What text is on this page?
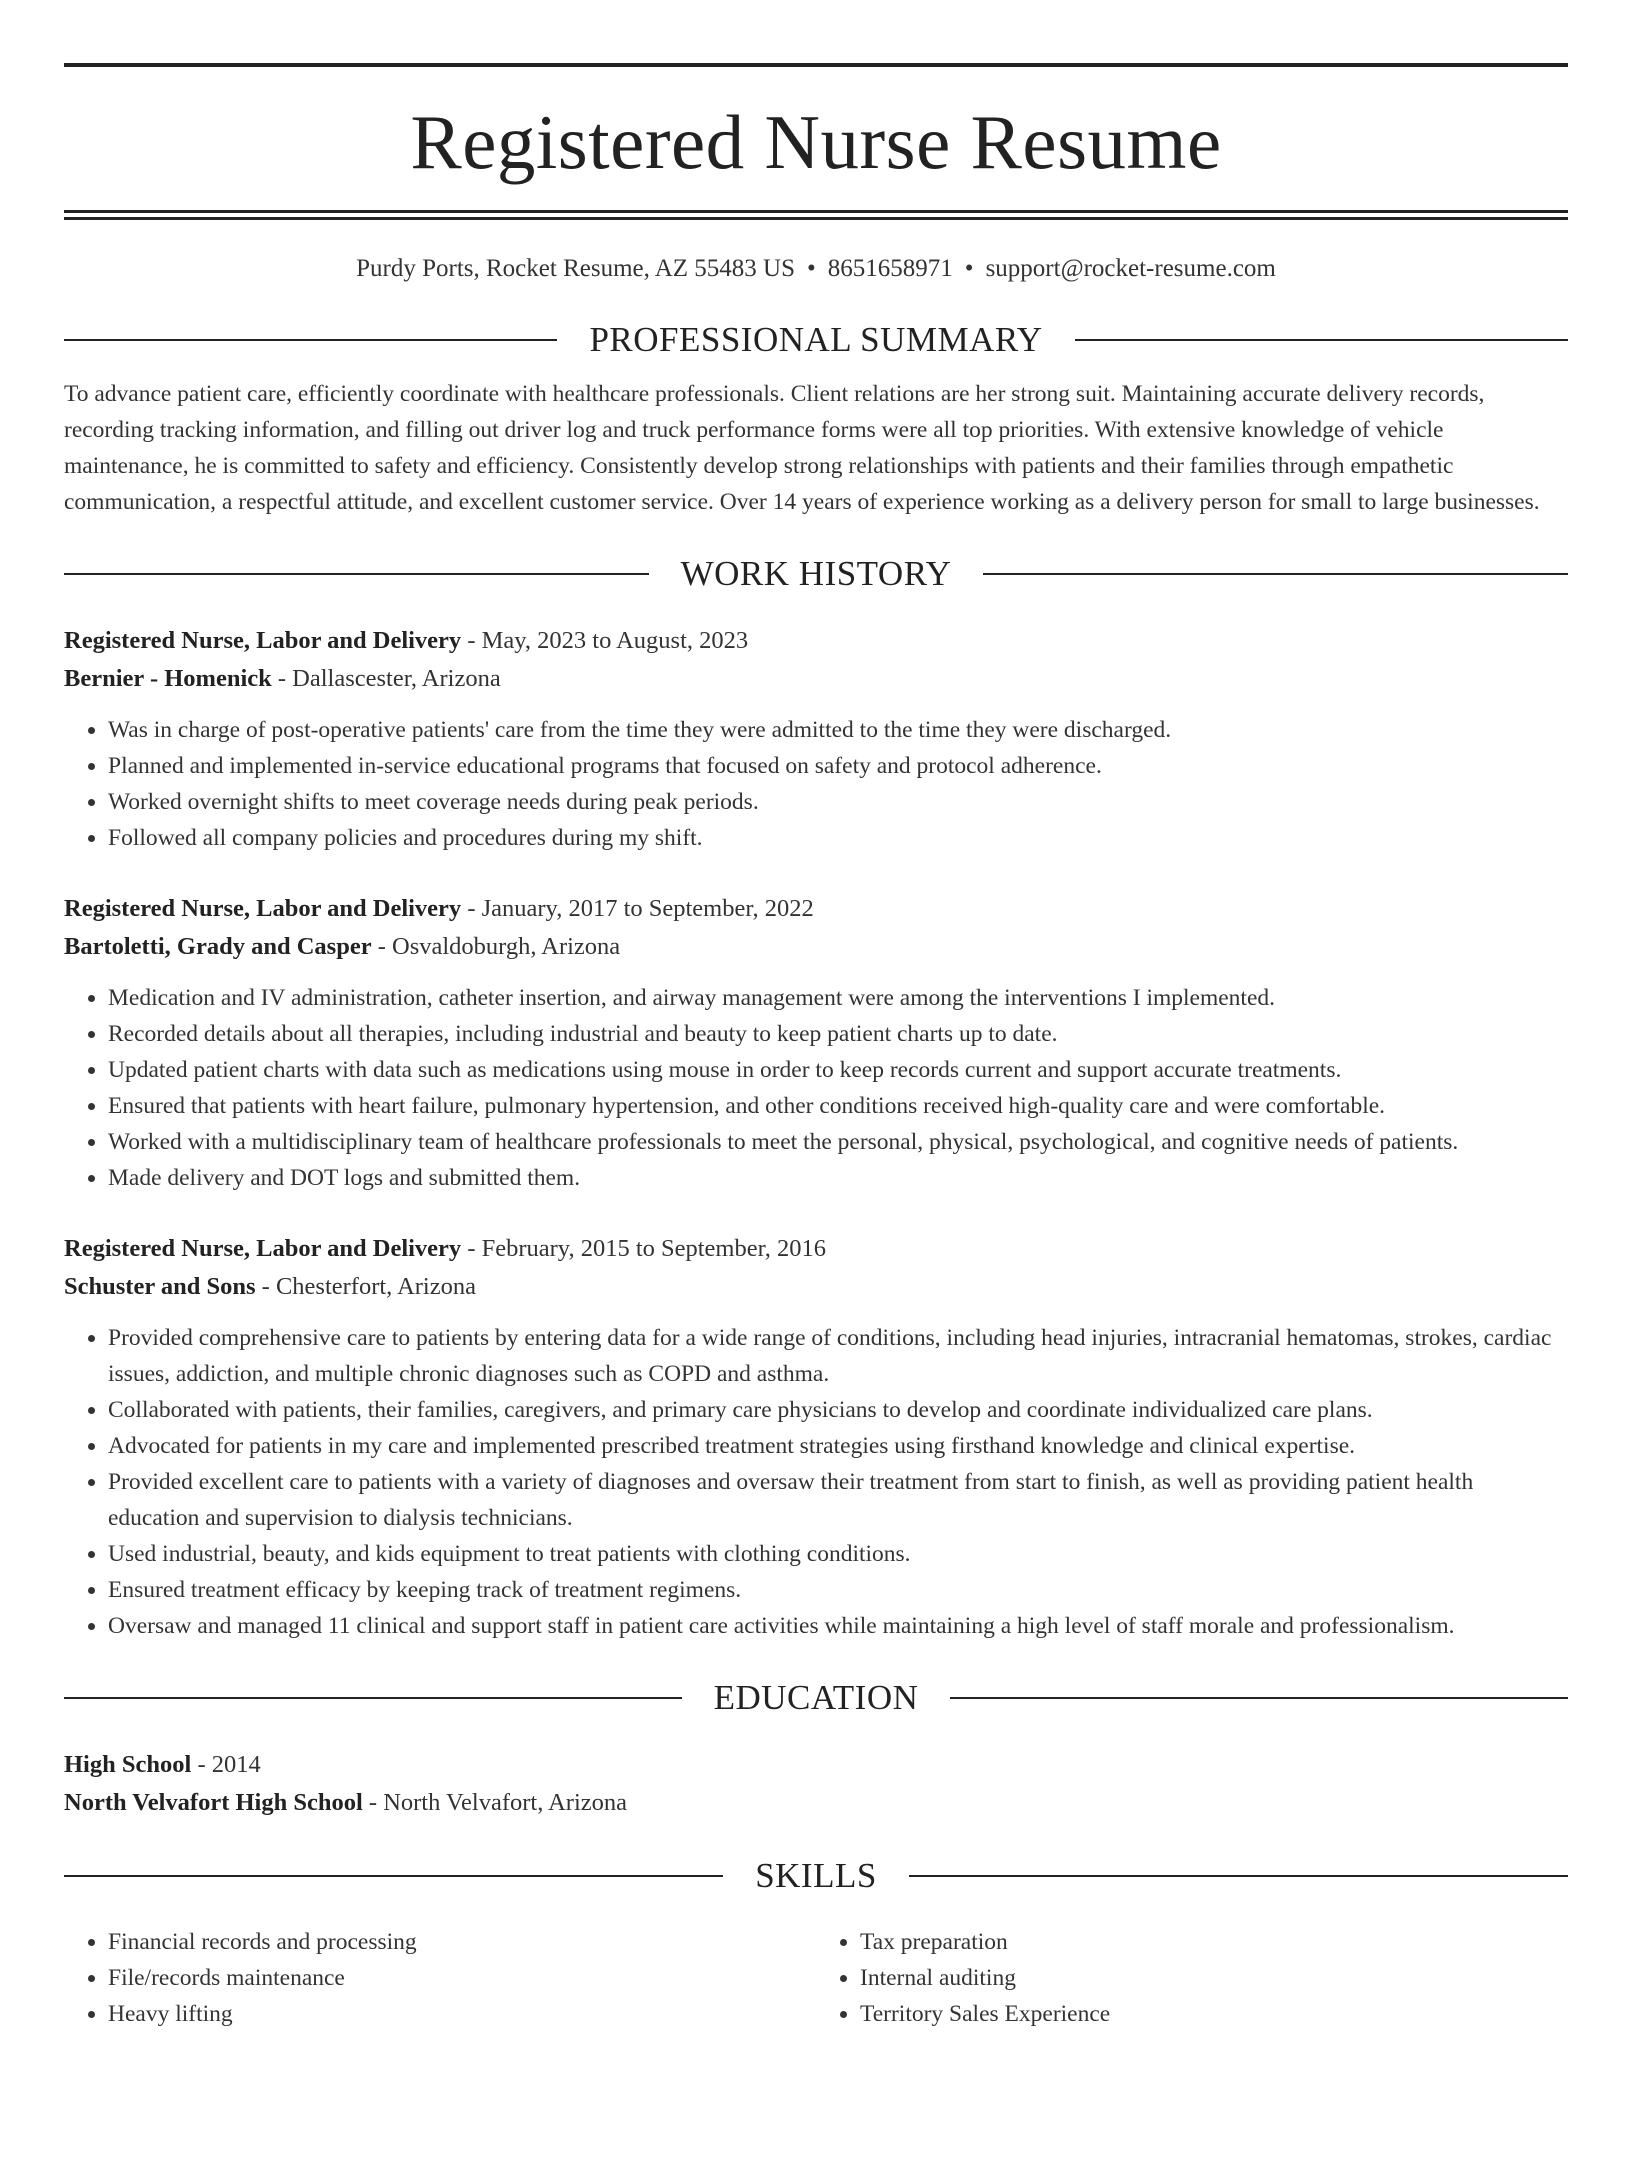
Registered Nurse Resume
Purdy Ports, Rocket Resume, AZ 55483 US • 8651658971 • support@rocket-resume.com
PROFESSIONAL SUMMARY
To advance patient care, efficiently coordinate with healthcare professionals. Client relations are her strong suit. Maintaining accurate delivery records, recording tracking information, and filling out driver log and truck performance forms were all top priorities. With extensive knowledge of vehicle maintenance, he is committed to safety and efficiency. Consistently develop strong relationships with patients and their families through empathetic communication, a respectful attitude, and excellent customer service. Over 14 years of experience working as a delivery person for small to large businesses.
WORK HISTORY
Registered Nurse, Labor and Delivery - May, 2023 to August, 2023
Bernier - Homenick - Dallascester, Arizona
• Was in charge of post-operative patients' care from the time they were admitted to the time they were discharged.
• Planned and implemented in-service educational programs that focused on safety and protocol adherence.
• Worked overnight shifts to meet coverage needs during peak periods.
• Followed all company policies and procedures during my shift.
Registered Nurse, Labor and Delivery - January, 2017 to September, 2022
Bartoletti, Grady and Casper - Osvaldoburgh, Arizona
• Medication and IV administration, catheter insertion, and airway management were among the interventions I implemented.
• Recorded details about all therapies, including industrial and beauty to keep patient charts up to date.
• Updated patient charts with data such as medications using mouse in order to keep records current and support accurate treatments.
• Ensured that patients with heart failure, pulmonary hypertension, and other conditions received high-quality care and were comfortable.
• Worked with a multidisciplinary team of healthcare professionals to meet the personal, physical, psychological, and cognitive needs of patients.
• Made delivery and DOT logs and submitted them.
Registered Nurse, Labor and Delivery - February, 2015 to September, 2016
Schuster and Sons - Chesterfort, Arizona
• Provided comprehensive care to patients by entering data for a wide range of conditions, including head injuries, intracranial hematomas, strokes, cardiac issues, addiction, and multiple chronic diagnoses such as COPD and asthma.
• Collaborated with patients, their families, caregivers, and primary care physicians to develop and coordinate individualized care plans.
• Advocated for patients in my care and implemented prescribed treatment strategies using firsthand knowledge and clinical expertise.
• Provided excellent care to patients with a variety of diagnoses and oversaw their treatment from start to finish, as well as providing patient health education and supervision to dialysis technicians.
• Used industrial, beauty, and kids equipment to treat patients with clothing conditions.
• Ensured treatment efficacy by keeping track of treatment regimens.
• Oversaw and managed 11 clinical and support staff in patient care activities while maintaining a high level of staff morale and professionalism.
EDUCATION
High School - 2014
North Velvafort High School - North Velvafort, Arizona
SKILLS
• Financial records and processing
• File/records maintenance
• Heavy lifting
• Tax preparation
• Internal auditing
• Territory Sales Experience
